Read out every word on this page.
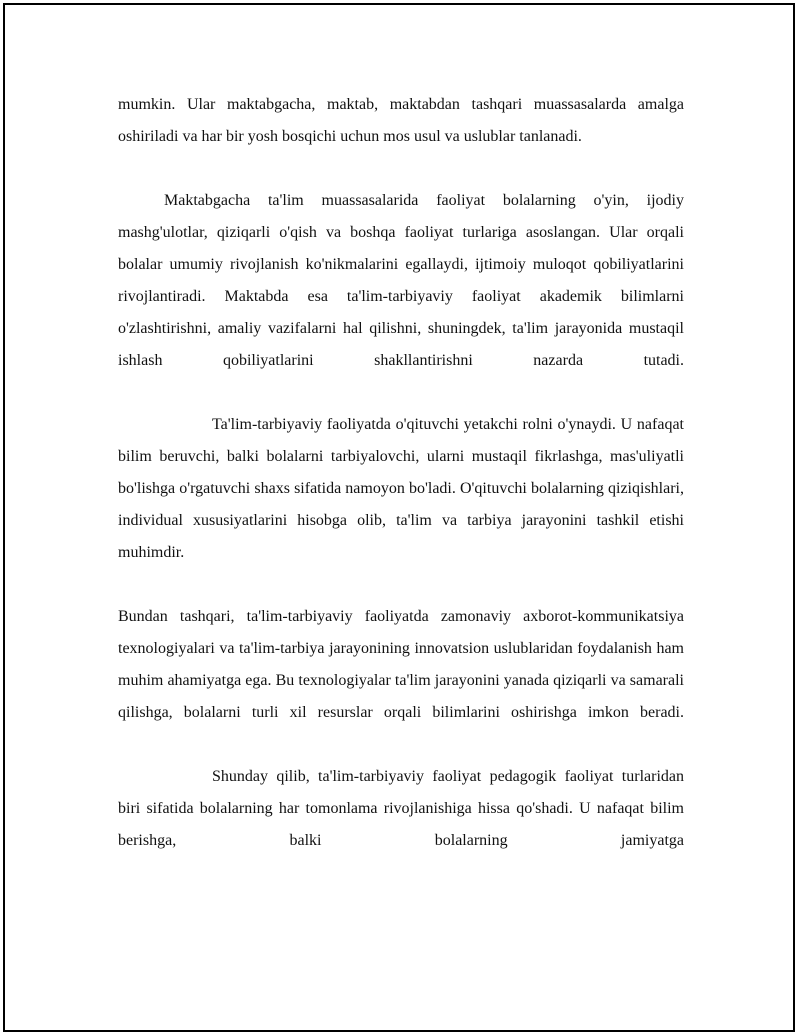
mumkin. Ular maktabgacha, maktab, maktabdan tashqari muassasalarda amalga oshiriladi va har bir yosh bosqichi uchun mos usul va uslublar tanlanadi.

Maktabgacha ta'lim muassasalarida faoliyat bolalarning o'yin, ijodiy mashg'ulotlar, qiziqarli o'qish va boshqa faoliyat turlariga asoslangan. Ular orqali bolalar umumiy rivojlanish ko'nikmalarini egallaydi, ijtimoiy muloqot qobiliyatlarini rivojlantiradi. Maktabda esa ta'lim-tarbiyaviy faoliyat akademik bilimlarni o'zlashtirishni, amaliy vazifalarni hal qilishni, shuningdek, ta'lim jarayonida mustaqil ishlash qobiliyatlarini shakllantirishni nazarda tutadi.

Ta'lim-tarbiyaviy faoliyatda o'qituvchi yetakchi rolni o'ynaydi. U nafaqat bilim beruvchi, balki bolalarni tarbiyalovchi, ularni mustaqil fikrlashga, mas'uliyatli bo'lishga o'rgatuvchi shaxs sifatida namoyon bo'ladi. O'qituvchi bolalarning qiziqishlari, individual xususiyatlarini hisobga olib, ta'lim va tarbiya jarayonini tashkil etishi muhimdir.

Bundan tashqari, ta'lim-tarbiyaviy faoliyatda zamonaviy axborot-kommunikatsiya texnologiyalari va ta'lim-tarbiya jarayonining innovatsion uslublaridan foydalanish ham muhim ahamiyatga ega. Bu texnologiyalar ta'lim jarayonini yanada qiziqarli va samarali qilishga, bolalarni turli xil resurslar orqali bilimlarini oshirishga imkon beradi.

Shunday qilib, ta'lim-tarbiyaviy faoliyat pedagogik faoliyat turlaridan biri sifatida bolalarning har tomonlama rivojlanishiga hissa qo'shadi. U nafaqat bilim berishga, balki bolalarning jamiyatga
